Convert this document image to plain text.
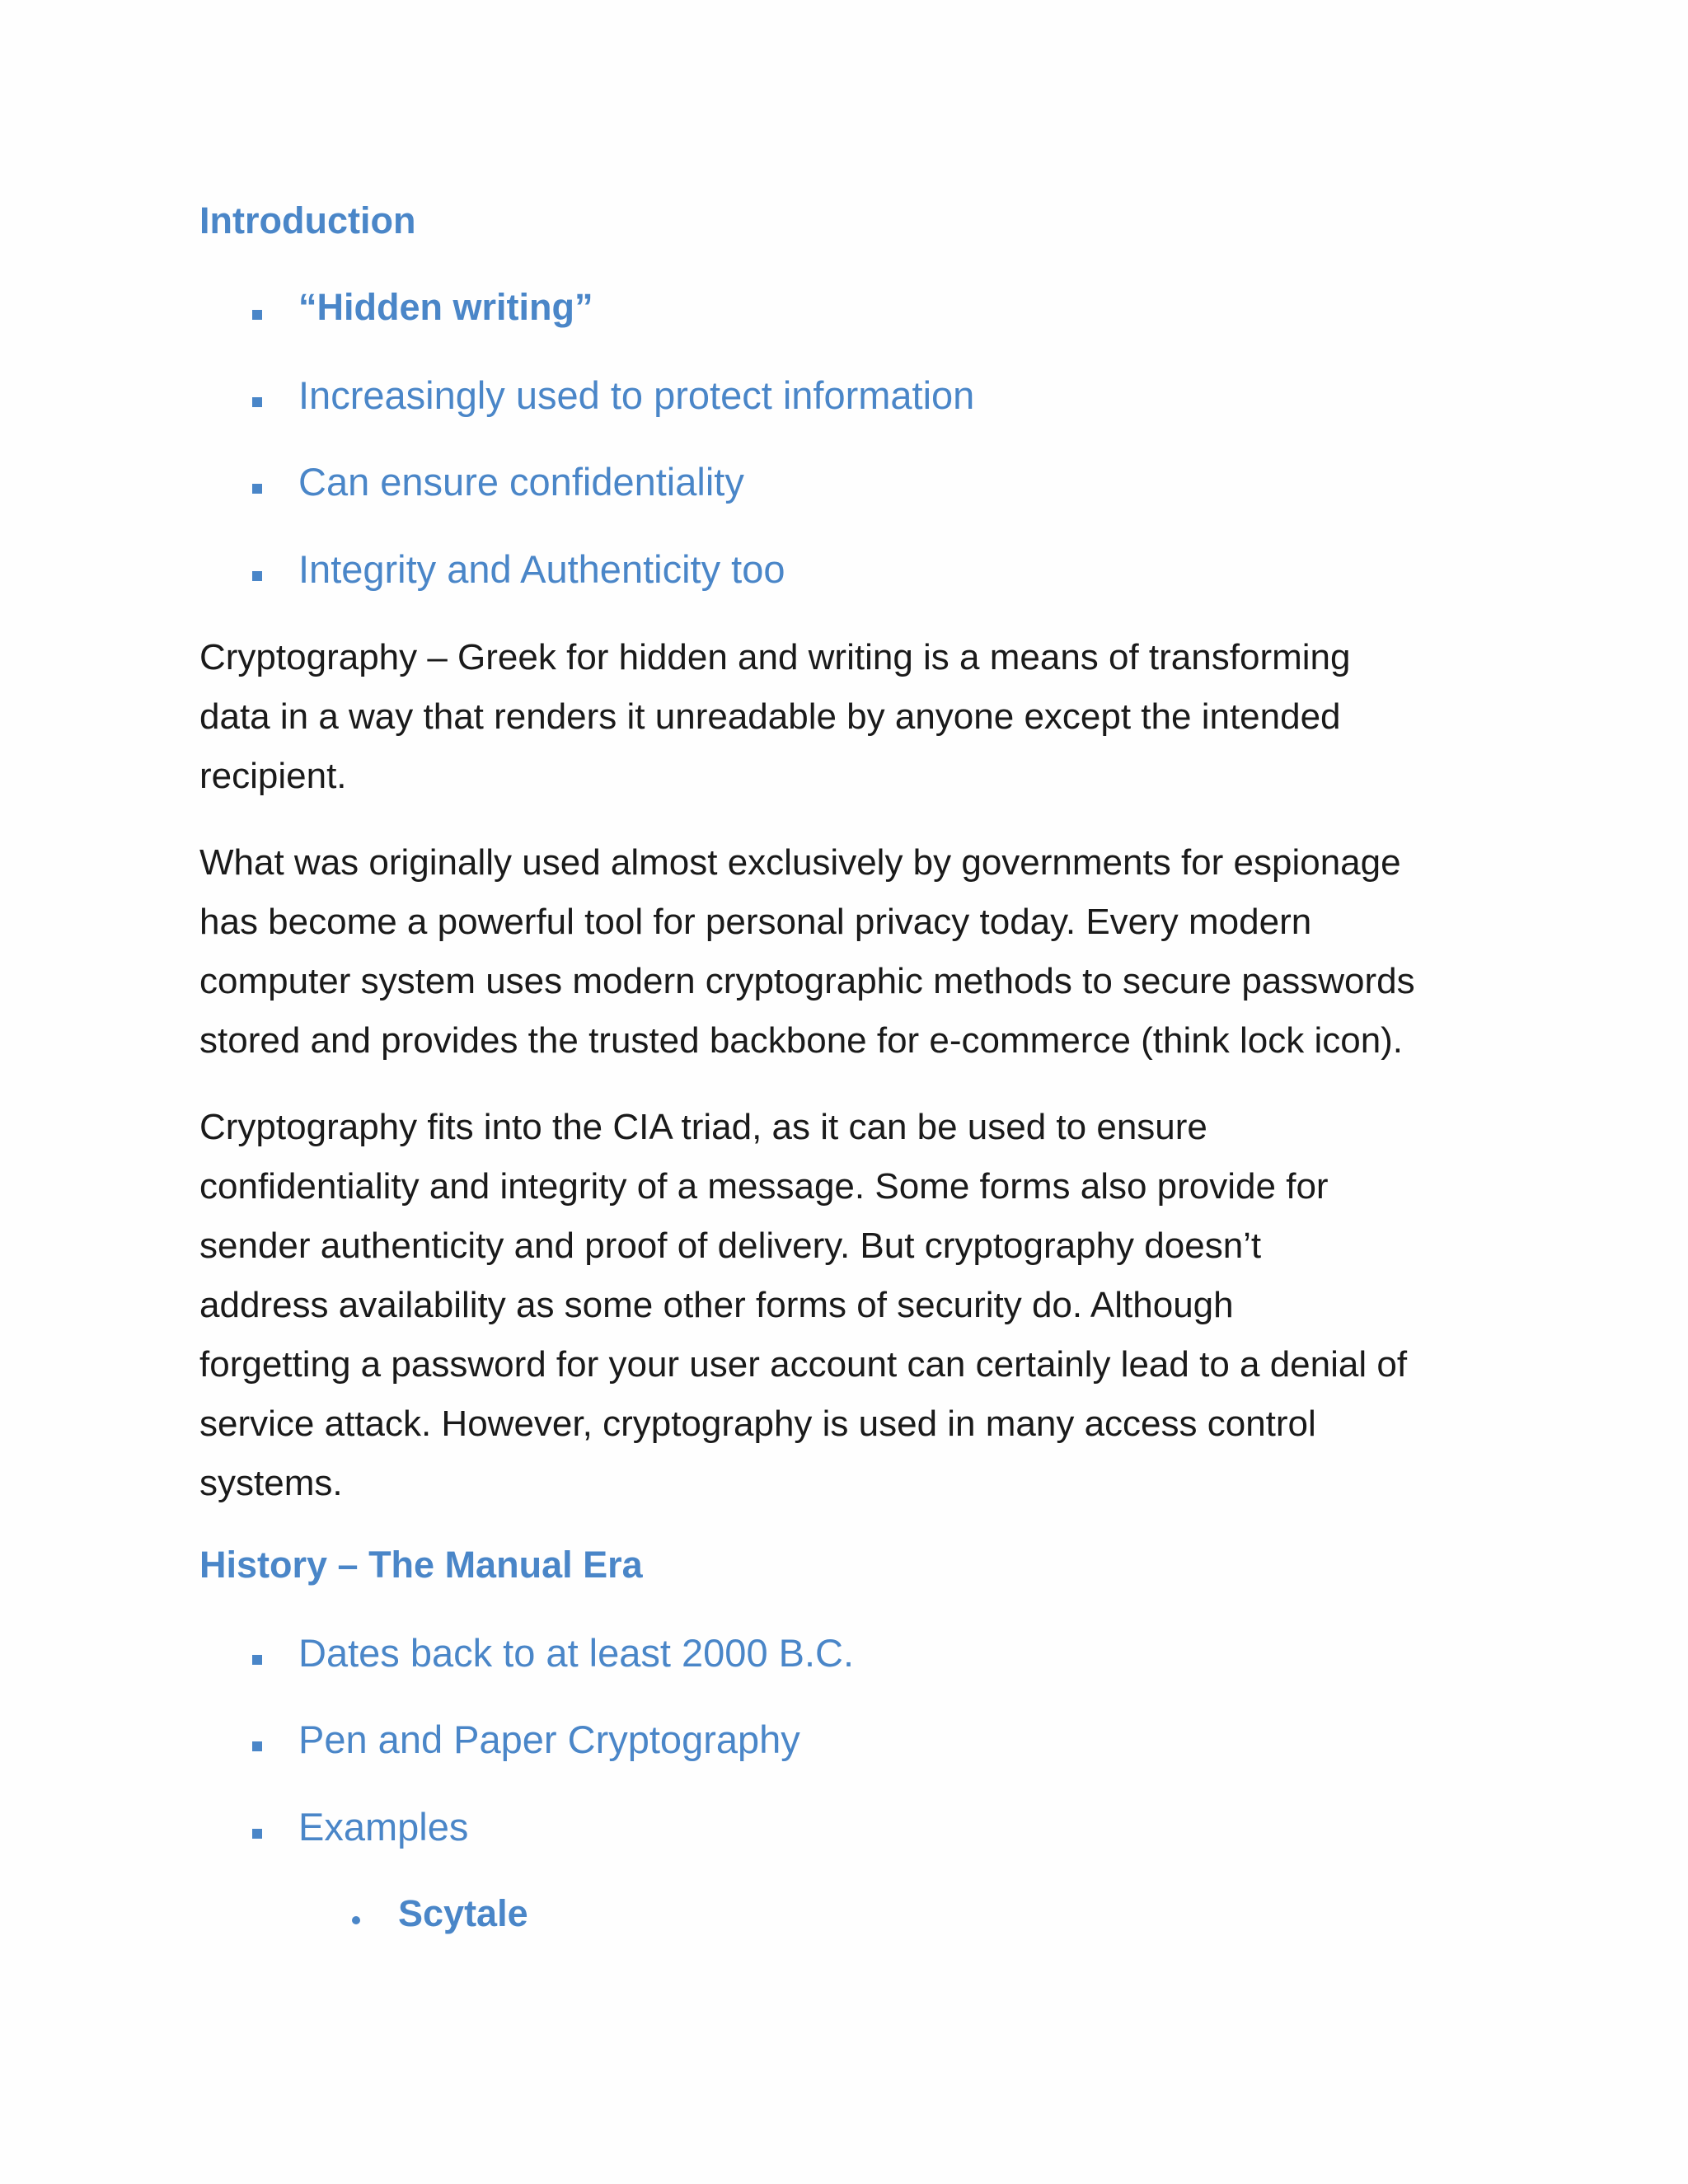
Introduction
“Hidden writing”
Increasingly used to protect information
Can ensure confidentiality
Integrity and Authenticity too

Cryptography – Greek for hidden and writing is a means of transforming
data in a way that renders it unreadable by anyone except the intended
recipient.

What was originally used almost exclusively by governments for espionage
has become a powerful tool for personal privacy today. Every modern
computer system uses modern cryptographic methods to secure passwords
stored and provides the trusted backbone for e-commerce (think lock icon).

Cryptography fits into the CIA triad, as it can be used to ensure
confidentiality and integrity of a message. Some forms also provide for
sender authenticity and proof of delivery. But cryptography doesn’t
address availability as some other forms of security do. Although
forgetting a password for your user account can certainly lead to a denial of
service attack. However, cryptography is used in many access control
systems.

History – The Manual Era
Dates back to at least 2000 B.C.
Pen and Paper Cryptography
Examples
Scytale
